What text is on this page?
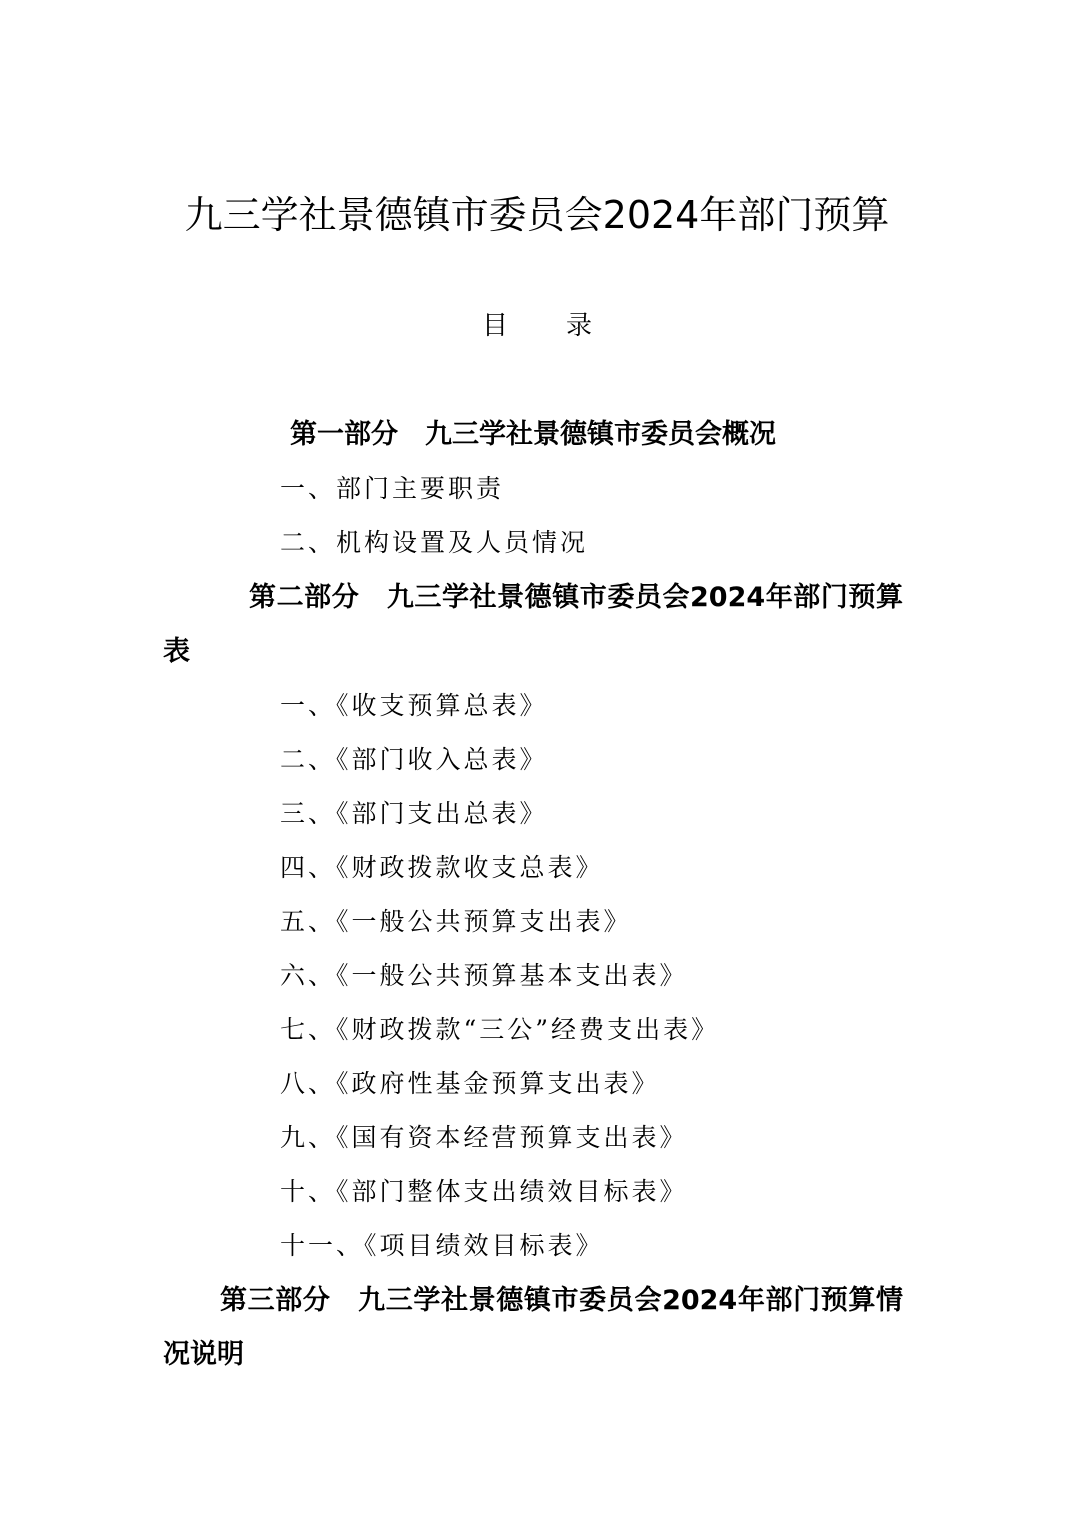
九三学社景德镇市委员会2024年部门预算
目录
第一部分　九三学社景德镇市委员会概况
一、部门主要职责
二、机构设置及人员情况
第二部分　九三学社景德镇市委员会2024年部门预算表
一、《收支预算总表》
二、《部门收入总表》
三、《部门支出总表》
四、《财政拨款收支总表》
五、《一般公共预算支出表》
六、《一般公共预算基本支出表》
七、《财政拨款“三公”经费支出表》
八、《政府性基金预算支出表》
九、《国有资本经营预算支出表》
十、《部门整体支出绩效目标表》
十一、《项目绩效目标表》
第三部分　九三学社景德镇市委员会2024年部门预算情况说明
